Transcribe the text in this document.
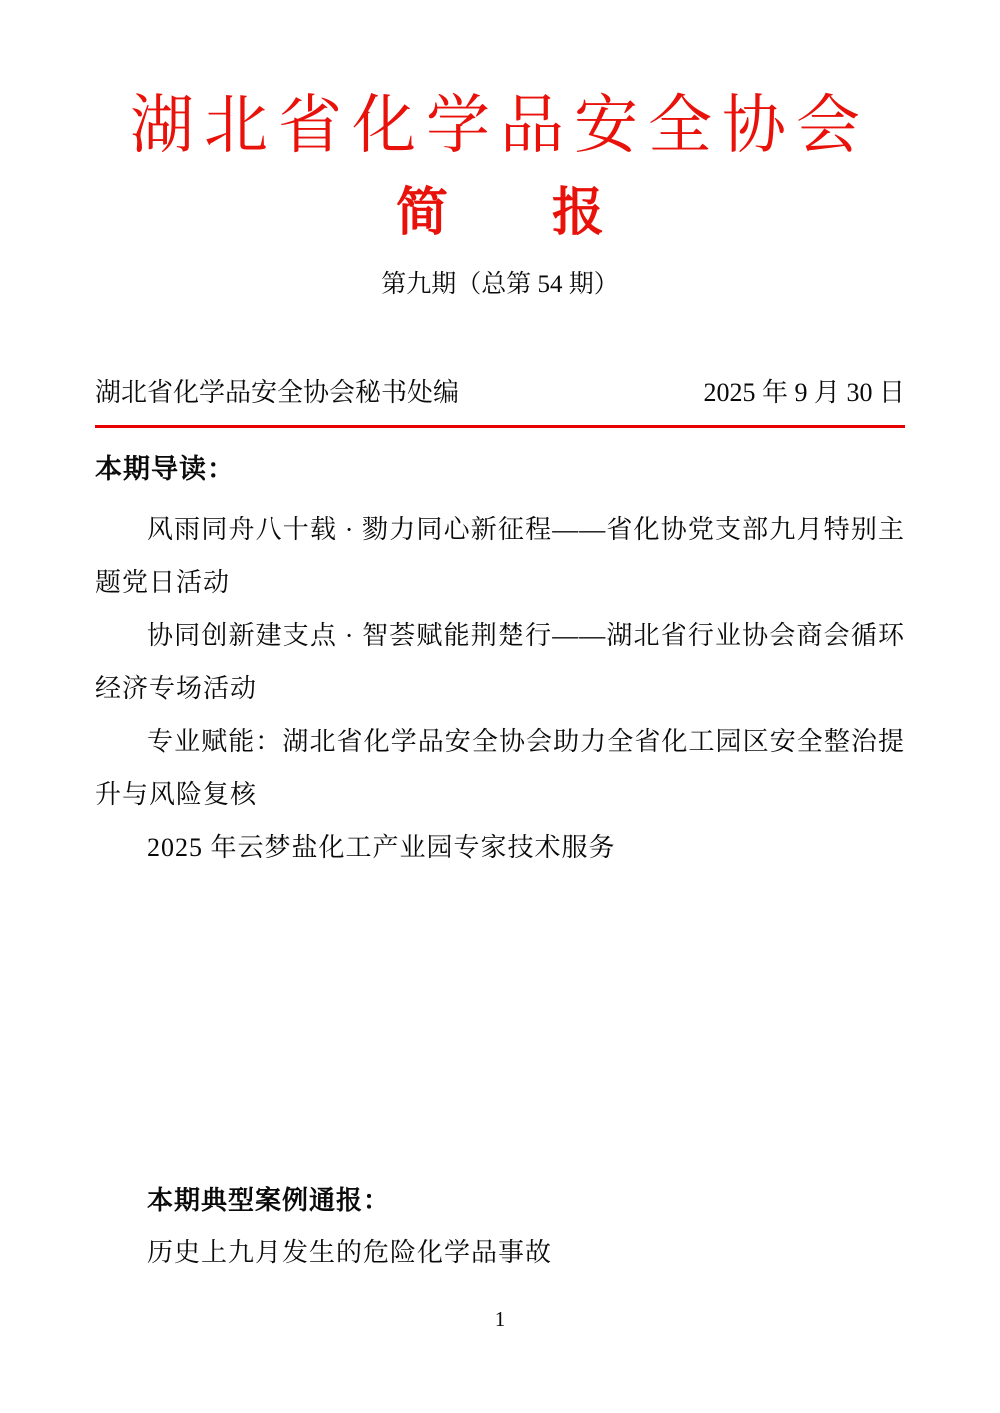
湖北省化学品安全协会
简　　报
第九期（总第 54 期）
湖北省化学品安全协会秘书处编	2025 年 9 月 30 日
本期导读：

风雨同舟八十载 · 勠力同心新征程——省化协党支部九月特别主题党日活动

协同创新建支点 · 智荟赋能荆楚行——湖北省行业协会商会循环经济专场活动

专业赋能：湖北省化学品安全协会助力全省化工园区安全整治提升与风险复核

2025 年云梦盐化工产业园专家技术服务

本期典型案例通报：

历史上九月发生的危险化学品事故

1
